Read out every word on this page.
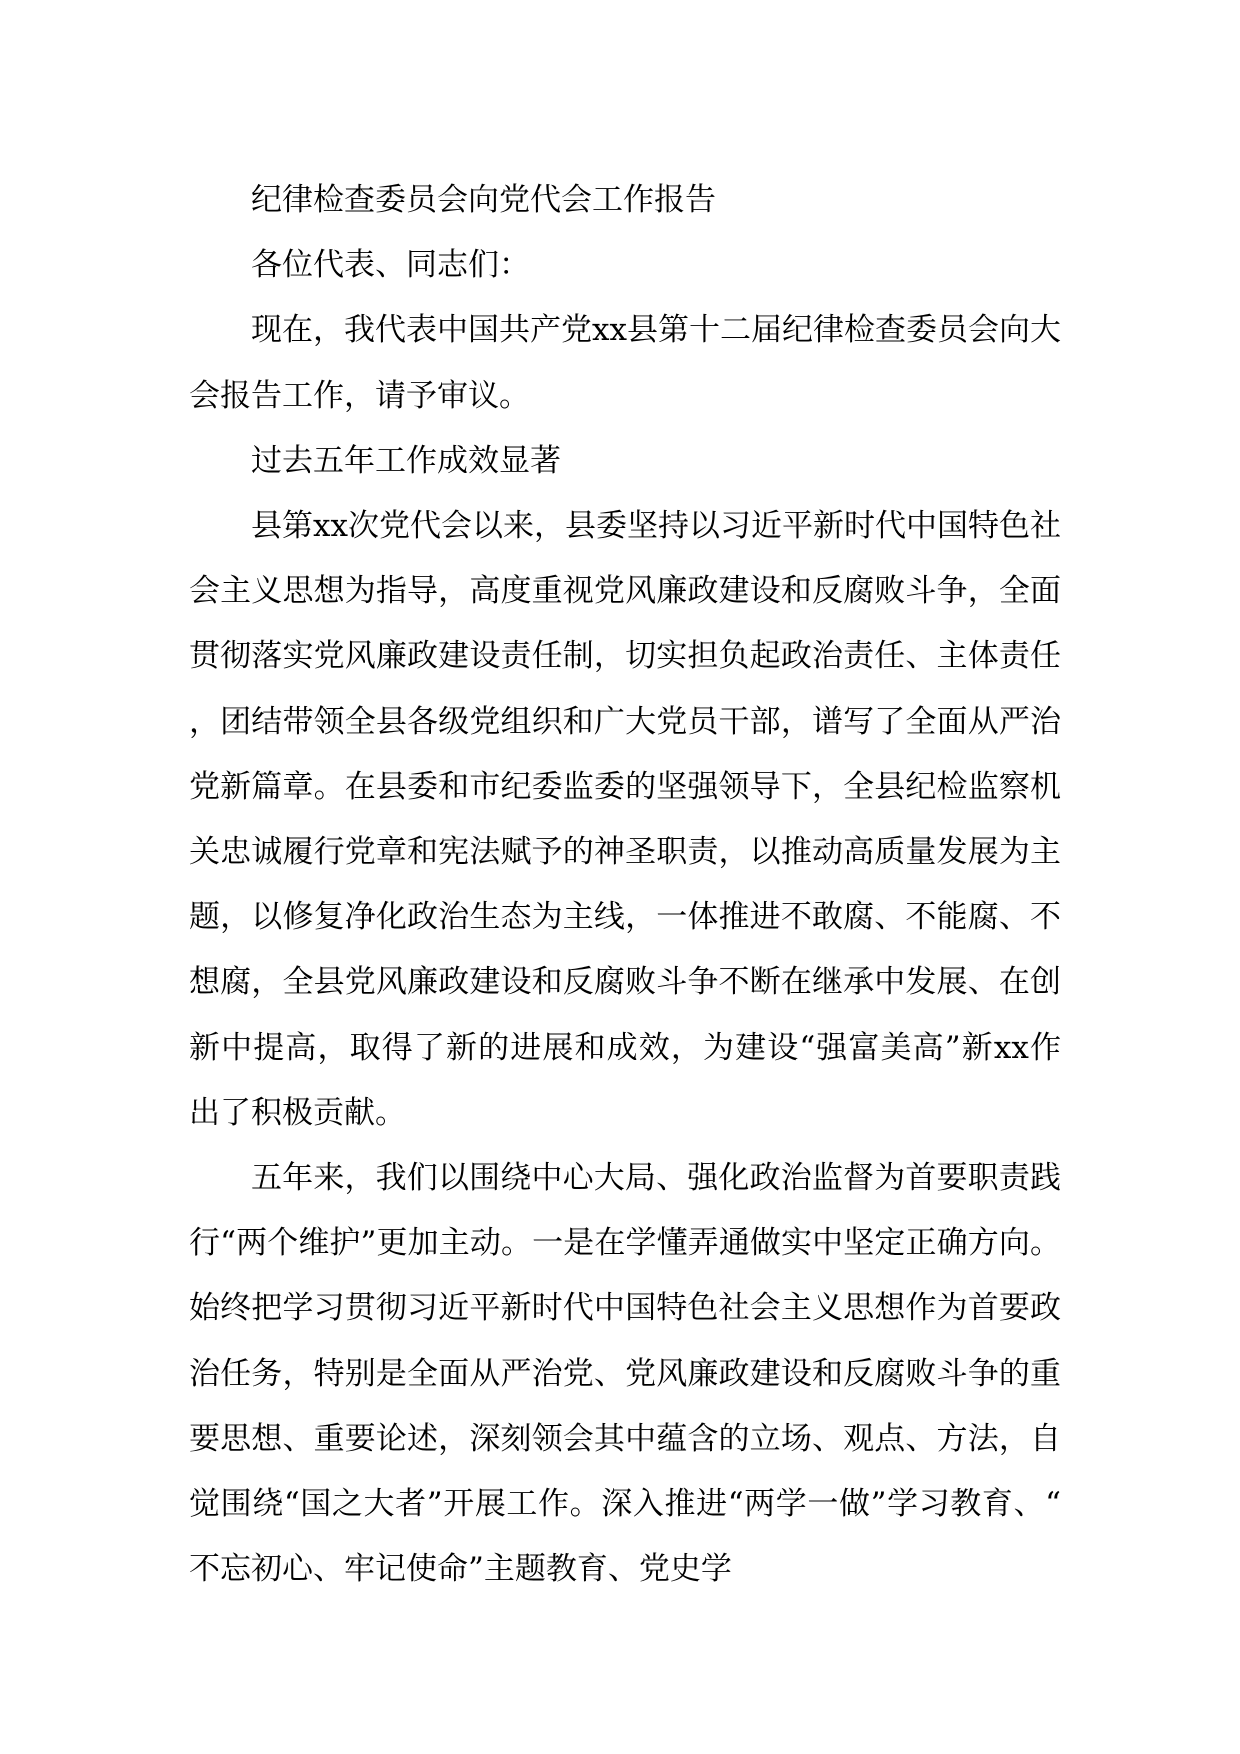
纪律检查委员会向党代会工作报告

各位代表、同志们：

现在，我代表中国共产党xx县第十二届纪律检查委员会向大会报告工作，请予审议。

过去五年工作成效显著

县第xx次党代会以来，县委坚持以习近平新时代中国特色社会主义思想为指导，高度重视党风廉政建设和反腐败斗争，全面贯彻落实党风廉政建设责任制，切实担负起政治责任、主体责任，团结带领全县各级党组织和广大党员干部，谱写了全面从严治党新篇章。在县委和市纪委监委的坚强领导下，全县纪检监察机关忠诚履行党章和宪法赋予的神圣职责，以推动高质量发展为主题，以修复净化政治生态为主线，一体推进不敢腐、不能腐、不想腐，全县党风廉政建设和反腐败斗争不断在继承中发展、在创新中提高，取得了新的进展和成效，为建设“强富美高”新xx作出了积极贡献。

五年来，我们以围绕中心大局、强化政治监督为首要职责践行“两个维护”更加主动。一是在学懂弄通做实中坚定正确方向。始终把学习贯彻习近平新时代中国特色社会主义思想作为首要政治任务，特别是全面从严治党、党风廉政建设和反腐败斗争的重要思想、重要论述，深刻领会其中蕴含的立场、观点、方法，自觉围绕“国之大者”开展工作。深入推进“两学一做”学习教育、“不忘初心、牢记使命”主题教育、党史学
